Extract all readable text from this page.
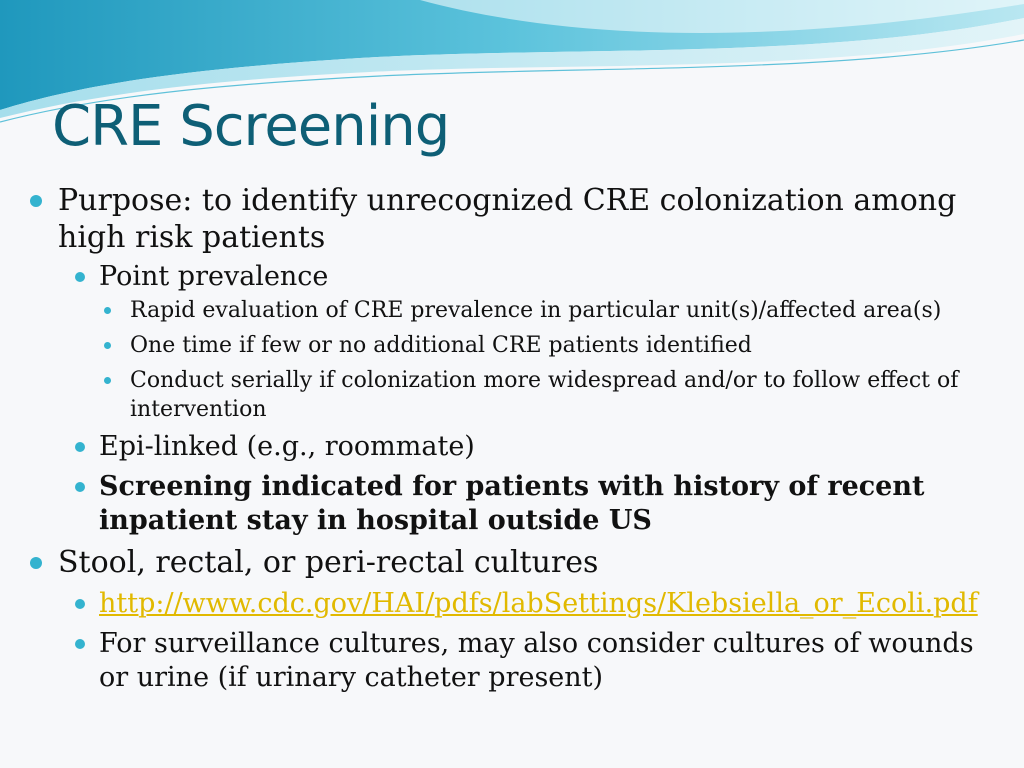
CRE Screening
Purpose: to identify unrecognized CRE colonization among high risk patients
Point prevalence
Rapid evaluation of CRE prevalence in particular unit(s)/affected area(s)
One time if few or no additional CRE patients identified
Conduct serially if colonization more widespread and/or to follow effect of intervention
Epi-linked (e.g., roommate)
Screening indicated for patients with history of recent inpatient stay in hospital outside US
Stool, rectal, or peri-rectal cultures
http://www.cdc.gov/HAI/pdfs/labSettings/Klebsiella_or_Ecoli.pdf
For surveillance cultures, may also consider cultures of wounds or urine (if urinary catheter present)
